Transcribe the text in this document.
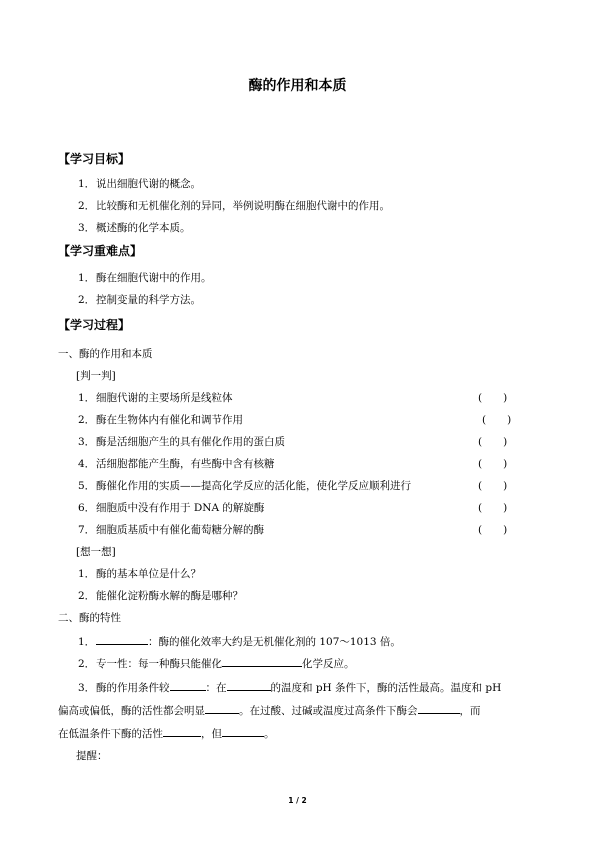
酶的作用和本质
【学习目标】
1．说出细胞代谢的概念。
2．比较酶和无机催化剂的异同，举例说明酶在细胞代谢中的作用。
3．概述酶的化学本质。
【学习重难点】
1．酶在细胞代谢中的作用。
2．控制变量的科学方法。
【学习过程】
一、酶的作用和本质
[判一判]
1．细胞代谢的主要场所是线粒体	(　　)
2．酶在生物体内有催化和调节作用	(　　)
3．酶是活细胞产生的具有催化作用的蛋白质	(　　)
4．活细胞都能产生酶，有些酶中含有核糖	(　　)
5．酶催化作用的实质——提高化学反应的活化能，使化学反应顺利进行	(　　)
6．细胞质中没有作用于 DNA 的解旋酶	(　　)
7．细胞质基质中有催化葡萄糖分解的酶	(　　)
[想一想]
1．酶的基本单位是什么？
2．能催化淀粉酶水解的酶是哪种？
二、酶的特性
1．	：酶的催化效率大约是无机催化剂的 107～1013 倍。
2．专一性：每一种酶只能催化	化学反应。
3．酶的作用条件较	：在	的温度和 pH 条件下，酶的活性最高。温度和 pH
偏高或偏低，酶的活性都会明显	。在过酸、过碱或温度过高条件下酶会	，而
在低温条件下酶的活性	，但	。
提醒：
1 / 2
